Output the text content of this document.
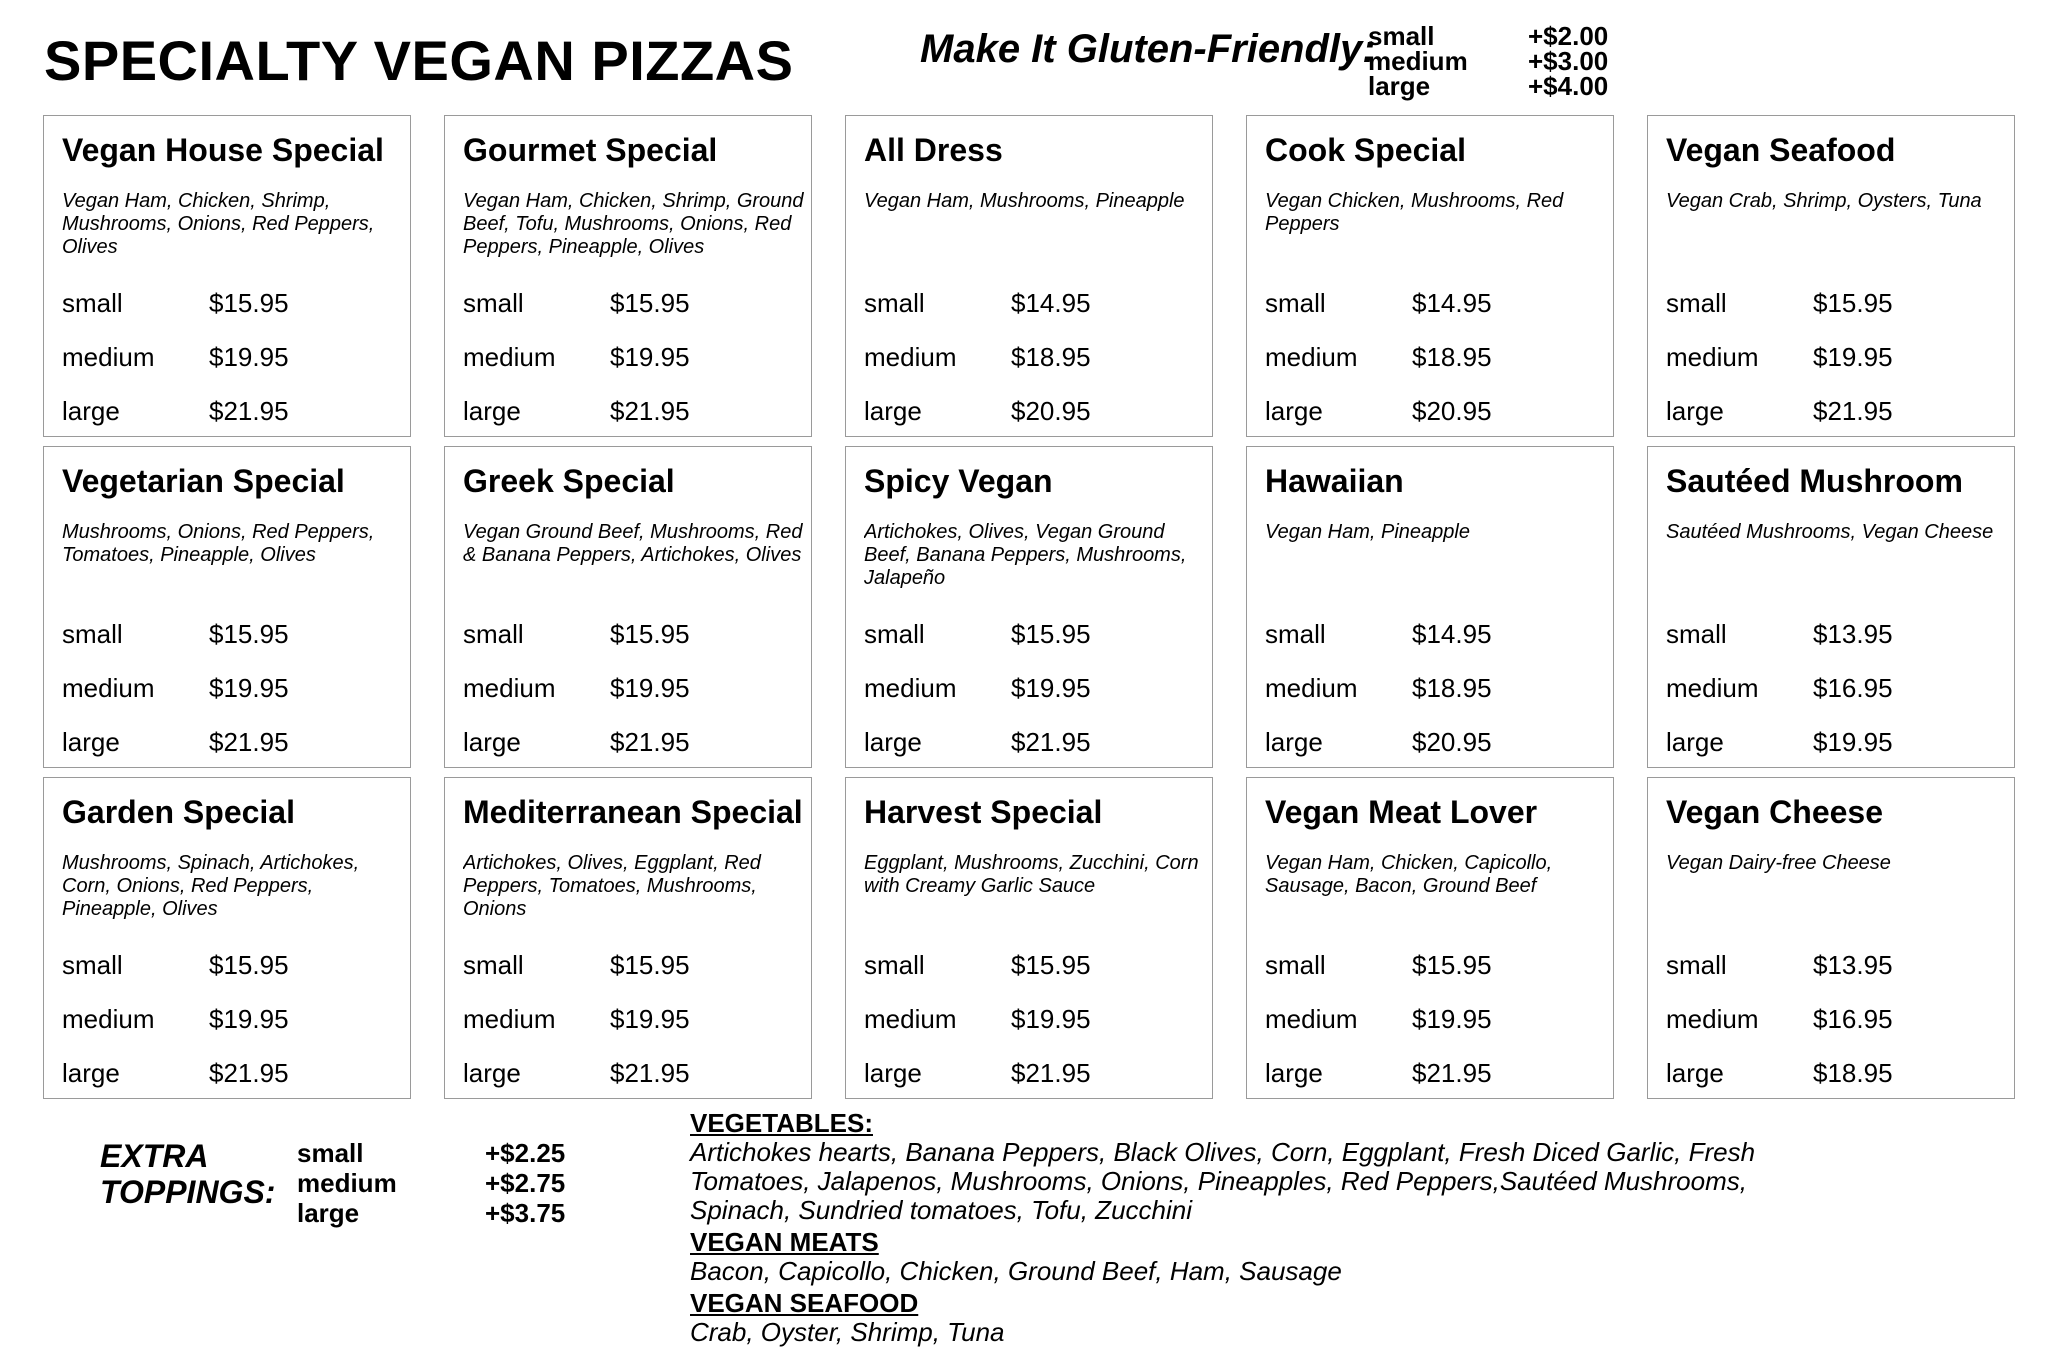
SPECIALTY VEGAN PIZZAS	Make It Gluten-Friendly:
small	+$2.00
medium +$3.00
large	+$4.00
Vegan House Special
Vegan Ham, Chicken, Shrimp, Mushrooms, Onions, Red Peppers, Olives
small	$15.95
medium $19.95
large	$21.95
Gourmet Special
Vegan Ham, Chicken, Shrimp, Ground Beef, Tofu, Mushrooms, Onions, Red Peppers, Pineapple, Olives
small	$15.95
medium $19.95
large	$21.95
All Dress
Vegan Ham, Mushrooms, Pineapple
small	$14.95
medium $18.95
large	$20.95
Cook Special
Vegan Chicken, Mushrooms, Red Peppers
small	$14.95
medium $18.95
large	$20.95
Vegan Seafood
Vegan Crab, Shrimp, Oysters, Tuna
small	$15.95
medium $19.95
large	$21.95
Vegetarian Special
Mushrooms, Onions, Red Peppers, Tomatoes, Pineapple, Olives
small	$15.95
medium $19.95
large	$21.95
Greek Special
Vegan Ground Beef, Mushrooms, Red & Banana Peppers, Artichokes, Olives
small	$15.95
medium $19.95
large	$21.95
Spicy Vegan
Artichokes, Olives, Vegan Ground Beef, Banana Peppers, Mushrooms, Jalapeño
small	$15.95
medium $19.95
large	$21.95
Hawaiian
Vegan Ham, Pineapple
small	$14.95
medium $18.95
large	$20.95
Sautéed Mushroom
Sautéed Mushrooms, Vegan Cheese
small	$13.95
medium $16.95
large	$19.95
Garden Special
Mushrooms, Spinach, Artichokes, Corn, Onions, Red Peppers, Pineapple, Olives
small	$15.95
medium $19.95
large	$21.95
Mediterranean Special
Artichokes, Olives, Eggplant, Red Peppers, Tomatoes, Mushrooms, Onions
small	$15.95
medium $19.95
large	$21.95
Harvest Special
Eggplant, Mushrooms, Zucchini, Corn with Creamy Garlic Sauce
small	$15.95
medium $19.95
large	$21.95
Vegan Meat Lover
Vegan Ham, Chicken, Capicollo, Sausage, Bacon, Ground Beef
small	$15.95
medium $19.95
large	$21.95
Vegan Cheese
Vegan Dairy-free Cheese
small	$13.95
medium $16.95
large	$18.95
EXTRA TOPPINGS:
small	+$2.25
medium	+$2.75
large	+$3.75
VEGETABLES:
Artichokes hearts, Banana Peppers, Black Olives, Corn, Eggplant, Fresh Diced Garlic, Fresh Tomatoes, Jalapenos, Mushrooms, Onions, Pineapples, Red Peppers,Sautéed Mushrooms, Spinach, Sundried tomatoes, Tofu, Zucchini
VEGAN MEATS
Bacon, Capicollo, Chicken, Ground Beef, Ham, Sausage
VEGAN SEAFOOD
Crab, Oyster, Shrimp, Tuna
